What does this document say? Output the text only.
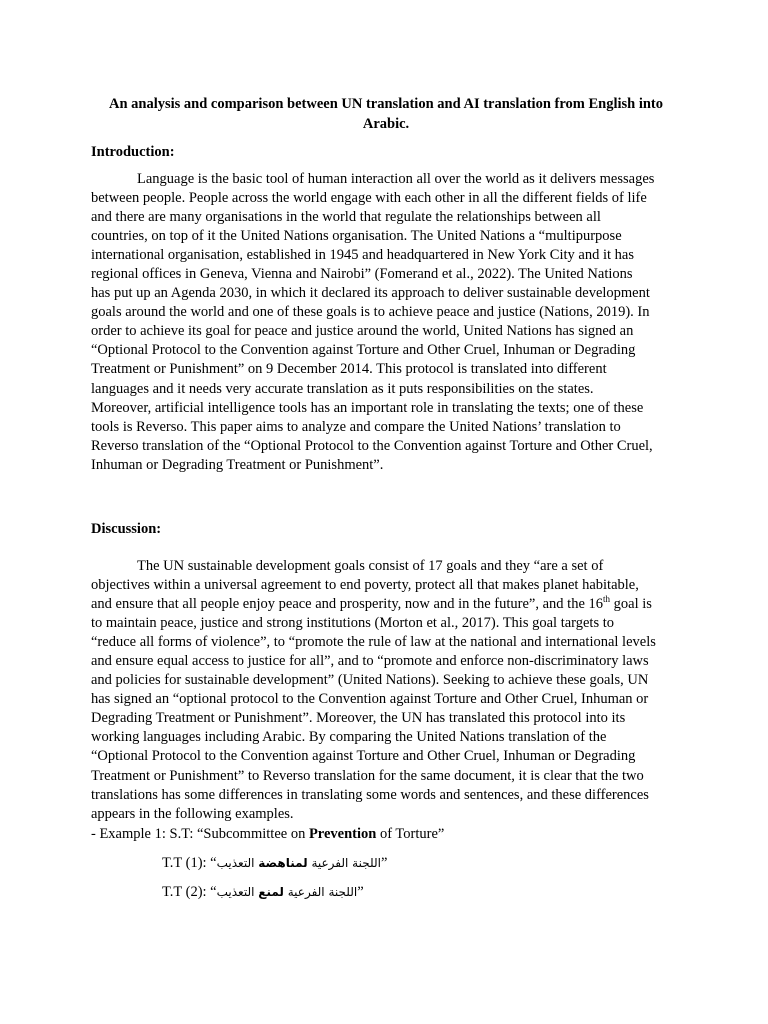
An analysis and comparison between UN translation and AI translation from English into Arabic.
Introduction:
Language is the basic tool of human interaction all over the world as it delivers messages
between people. People across the world engage with each other in all the different fields of life
and there are many organisations in the world that regulate the relationships between all
countries, on top of it the United Nations organisation. The United Nations a “multipurpose
international organisation, established in 1945 and headquartered in New York City and it has
regional offices in Geneva, Vienna and Nairobi” (Fomerand et al., 2022). The United Nations
has put up an Agenda 2030, in which it declared its approach to deliver sustainable development
goals around the world and one of these goals is to achieve peace and justice (Nations, 2019). In
order to achieve its goal for peace and justice around the world, United Nations has signed an
“Optional Protocol to the Convention against Torture and Other Cruel, Inhuman or Degrading
Treatment or Punishment” on 9 December 2014. This protocol is translated into different
languages and it needs very accurate translation as it puts responsibilities on the states.
Moreover, artificial intelligence tools has an important role in translating the texts; one of these
tools is Reverso. This paper aims to analyze and compare the United Nations’ translation to
Reverso translation of the “Optional Protocol to the Convention against Torture and Other Cruel,
Inhuman or Degrading Treatment or Punishment”.
Discussion:
The UN sustainable development goals consist of 17 goals and they “are a set of
objectives within a universal agreement to end poverty, protect all that makes planet habitable,
and ensure that all people enjoy peace and prosperity, now and in the future”, and the 16th goal is
to maintain peace, justice and strong institutions (Morton et al., 2017). This goal targets to
“reduce all forms of violence”, to “promote the rule of law at the national and international levels
and ensure equal access to justice for all”, and to “promote and enforce non-discriminatory laws
and policies for sustainable development” (United Nations). Seeking to achieve these goals, UN
has signed an “optional protocol to the Convention against Torture and Other Cruel, Inhuman or
Degrading Treatment or Punishment”. Moreover, the UN has translated this protocol into its
working languages including Arabic. By comparing the United Nations translation of the
“Optional Protocol to the Convention against Torture and Other Cruel, Inhuman or Degrading
Treatment or Punishment” to Reverso translation for the same document, it is clear that the two
translations has some differences in translating some words and sentences, and these differences
appears in the following examples.
- Example 1: S.T: “Subcommittee on Prevention of Torture”
T.T (1): “	اللجنة الفرعية لمناهضة التعذيب	”
T.T (2): “	اللجنة الفرعية لمنع التعذيب	”
